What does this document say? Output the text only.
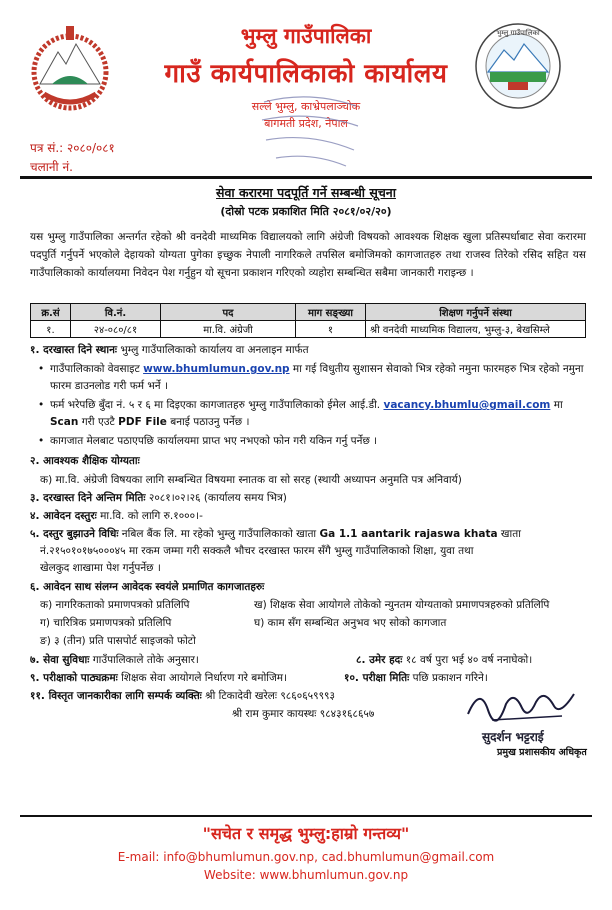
भुम्लु गाउँपालिका
भुम्लु गाउँपालिका
गाउँ कार्यपालिकाको कार्यालय
सल्ले भुम्लु, काभ्रेपलाञ्चोक
बागमती प्रदेश, नेपाल
पत्र सं.: २०८०/०८१
चलानी नं.
सेवा करारमा पदपूर्ति गर्ने सम्बन्धी सूचना
(दोस्रो पटक प्रकाशित मिति २०८१/०२/२०)
यस भुम्लु गाउँपालिका अन्तर्गत रहेको श्री वनदेवी माध्यमिक विद्यालयको लागि अंग्रेजी विषयको आवश्यक शिक्षक खुला प्रतिस्पर्धाबाट सेवा करारमा पदपुर्ति गर्नुपर्ने भएकोले देहायको योग्यता पुगेका इच्छुक नेपाली नागरिकले तपसिल बमोजिमको कागजातहरु तथा राजस्व तिरेको रसिद सहित यस गाउँपालिकाको कार्यालयमा निवेदन पेश गर्नुहुन यो सूचना प्रकाशन गरिएको व्यहोरा सम्बन्धित सबैमा जानकारी गराइन्छ ।
क्र.सं	वि.नं.	पद	माग सङ्ख्या	शिक्षण गर्नुपर्ने संस्था
१.	२४-०८०/८१	मा.वि. अंग्रेजी	१	श्री वनदेवी माध्यमिक विद्यालय, भुम्लु-३, बेखसिम्ले
१. दरखास्त दिने स्थानः भुम्लु गाउँपालिकाको कार्यालय वा अनलाइन मार्फत
• गाउँपालिकाको वेवसाइट www.bhumlumun.gov.np मा गई विधुतीय सुशासन सेवाको भित्र रहेको नमुना फारमहरु भित्र रहेको नमुना फारम डाउनलोड गरी फर्म भर्ने ।
• फर्म भरेपछि बुँदा नं. ५ र ६ मा दिइएका कागजातहरु भुम्लु गाउँपालिकाको ईमेल आई.डी. vacancy.bhumlu@gmail.com मा Scan गरी एउटै PDF File बनाई पठाउनु पर्नेछ ।
• कागजात मेलबाट पठाएपछि कार्यालयमा प्राप्त भए नभएको फोन गरी यकिन गर्नु पर्नेछ ।
२. आवश्यक शैक्षिक योग्यताः
क) मा.वि. अंग्रेजी विषयका लागि सम्बन्धित विषयमा स्नातक वा सो सरह (स्थायी अध्यापन अनुमति पत्र अनिवार्य)
३. दरखास्त दिने अन्तिम मितिः २०८१।०२।२६ (कार्यालय समय भित्र)
४. आवेदन दस्तुरः मा.वि. को लागि रु.१०००।-
५. दस्तुर बुझाउने विधिः नबिल बैंक लि. मा रहेको भुम्लु गाउँपालिकाको खाता Ga 1.1 aantarik rajaswa khata खाता
नं.२१५०१०१७५०००४५ मा रकम जम्मा गरी सक्कलै भौचर दरखास्त फारम सँगै भुम्लु गाउँपालिकाको शिक्षा, युवा तथा
खेलकुद शाखामा पेश गर्नुपर्नेछ ।
६. आवेदन साथ संलग्न आवेदक स्वयंले प्रमाणित कागजातहरुः
क) नागरिकताको प्रमाणपत्रको प्रतिलिपि	ख) शिक्षक सेवा आयोगले तोकेको न्युनतम योग्यताको प्रमाणपत्रहरुको प्रतिलिपि
ग) चारित्रिक प्रमाणपत्रको प्रतिलिपि	घ) काम सँग सम्बन्धित अनुभव भए सोको कागजात
ङ) ३ (तीन) प्रति पासपोर्ट साइजको फोटो
७. सेवा सुविधाः गाउँपालिकाले तोके अनुसार।	८. उमेर हदः १८ वर्ष पुरा भई ४० वर्ष ननाघेको।
९. परीक्षाको पाठ्यक्रमः शिक्षक सेवा आयोगले निर्धारण गरे बमोजिम।	१०. परीक्षा मितिः पछि प्रकाशन गरिने।
११. विस्तृत जानकारीका लागि सम्पर्क व्यक्तिः श्री टिकादेवी खरेलः ९८६०६५९९९३
श्री राम कुमार कायस्थः ९८४३१६८६५७
सुदर्शन भट्टराई
प्रमुख प्रशासकीय अधिकृत
"सचेत र समृद्ध भुम्लु:हाम्रो गन्तव्य"
E-mail: info@bhumlumun.gov.np, cad.bhumlumun@gmail.com
Website: www.bhumlumun.gov.np
